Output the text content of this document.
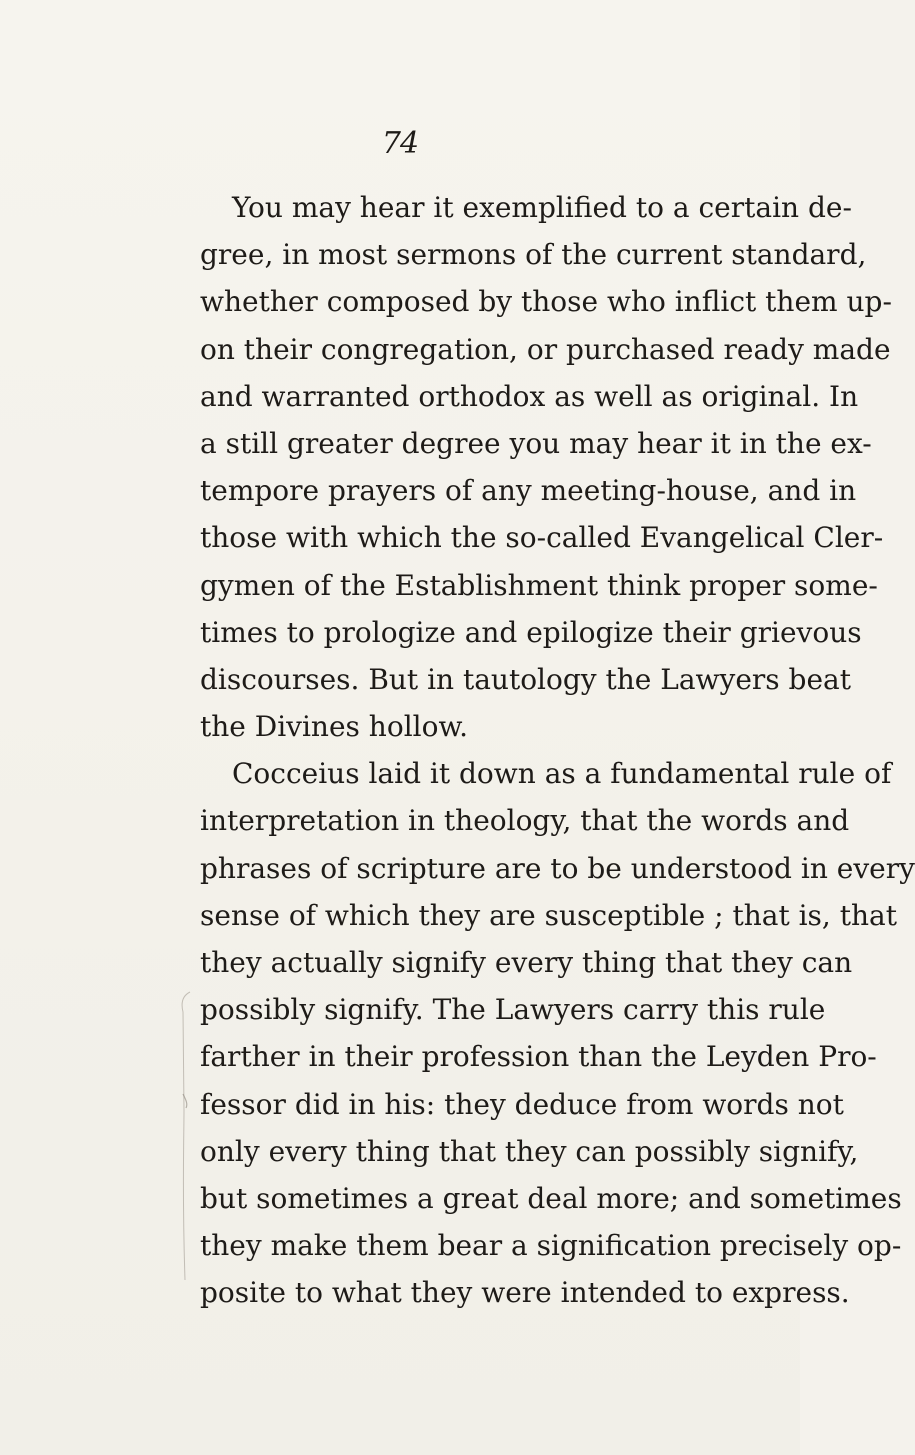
74
You may hear it exemplified to a certain de-
gree, in most sermons of the current standard,
whether composed by those who inflict them up-
on their congregation, or purchased ready made
and warranted orthodox as well as original. In
a still greater degree you may hear it in the ex-
tempore prayers of any meeting-house, and in
those with which the so-called Evangelical Cler-
gymen of the Establishment think proper some-
times to prologize and epilogize their grievous
discourses. But in tautology the Lawyers beat
the Divines hollow.
Cocceius laid it down as a fundamental rule of
interpretation in theology, that the words and
phrases of scripture are to be understood in every
sense of which they are susceptible ; that is, that
they actually signify every thing that they can
possibly signify. The Lawyers carry this rule
farther in their profession than the Leyden Pro-
fessor did in his: they deduce from words not
only every thing that they can possibly signify,
but sometimes a great deal more; and sometimes
they make them bear a signification precisely op-
posite to what they were intended to express.
